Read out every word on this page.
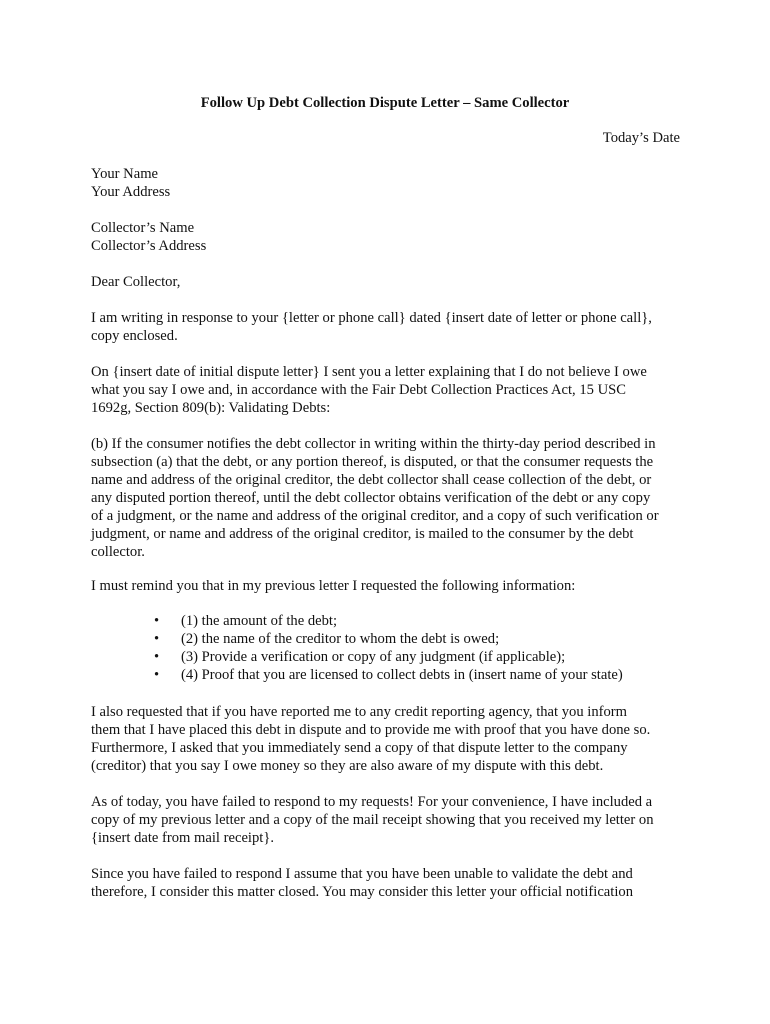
Follow Up Debt Collection Dispute Letter – Same Collector
Today’s Date
Your Name
Your Address
Collector’s Name
Collector’s Address
Dear Collector,
I am writing in response to your {letter or phone call} dated {insert date of letter or phone call},
copy enclosed.
On {insert date of initial dispute letter} I sent you a letter explaining that I do not believe I owe
what you say I owe and, in accordance with the Fair Debt Collection Practices Act, 15 USC
1692g, Section 809(b): Validating Debts:
(b) If the consumer notifies the debt collector in writing within the thirty-day period described in
subsection (a) that the debt, or any portion thereof, is disputed, or that the consumer requests the
name and address of the original creditor, the debt collector shall cease collection of the debt, or
any disputed portion thereof, until the debt collector obtains verification of the debt or any copy
of a judgment, or the name and address of the original creditor, and a copy of such verification or
judgment, or name and address of the original creditor, is mailed to the consumer by the debt
collector.
I must remind you that in my previous letter I requested the following information:
• (1) the amount of the debt;
• (2) the name of the creditor to whom the debt is owed;
• (3) Provide a verification or copy of any judgment (if applicable);
• (4) Proof that you are licensed to collect debts in (insert name of your state)
I also requested that if you have reported me to any credit reporting agency, that you inform
them that I have placed this debt in dispute and to provide me with proof that you have done so.
Furthermore, I asked that you immediately send a copy of that dispute letter to the company
(creditor) that you say I owe money so they are also aware of my dispute with this debt.
As of today, you have failed to respond to my requests! For your convenience, I have included a
copy of my previous letter and a copy of the mail receipt showing that you received my letter on
{insert date from mail receipt}.
Since you have failed to respond I assume that you have been unable to validate the debt and
therefore, I consider this matter closed. You may consider this letter your official notification
